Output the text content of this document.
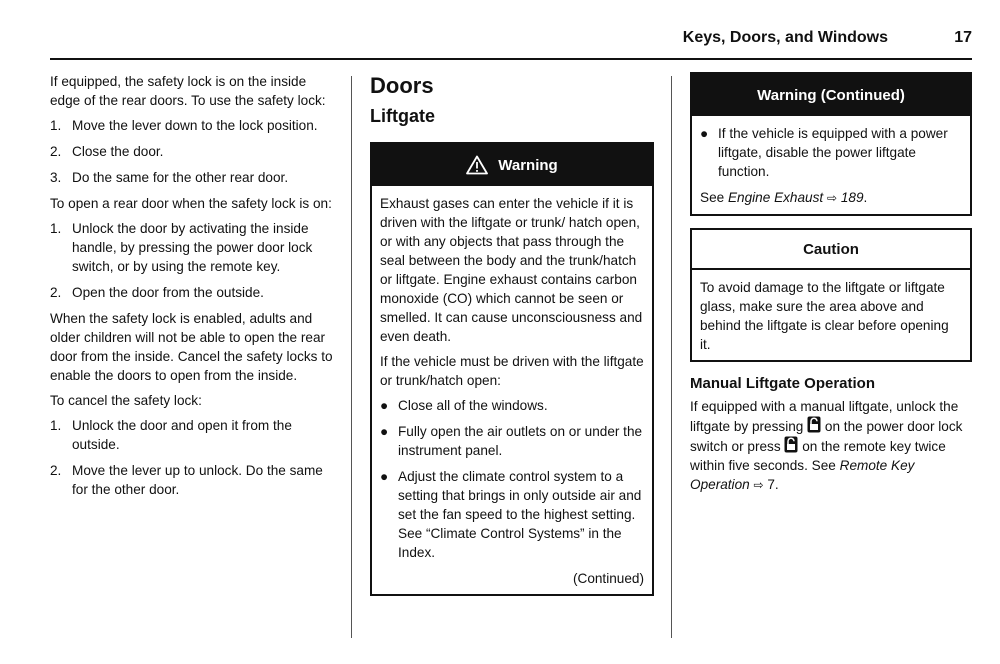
Keys, Doors, and Windows	17

If equipped, the safety lock is on the inside edge of the rear doors. To use the safety lock:

1. Move the lever down to the lock position.
2. Close the door.
3. Do the same for the other rear door.

To open a rear door when the safety lock is on:

1. Unlock the door by activating the inside handle, by pressing the power door lock switch, or by using the remote key.
2. Open the door from the outside.

When the safety lock is enabled, adults and older children will not be able to open the rear door from the inside. Cancel the safety locks to enable the doors to open from the inside.

To cancel the safety lock:

1. Unlock the door and open it from the outside.
2. Move the lever up to unlock. Do the same for the other door.
Doors
Liftgate
Warning

Exhaust gases can enter the vehicle if it is driven with the liftgate or trunk/ hatch open, or with any objects that pass through the seal between the body and the trunk/hatch or liftgate. Engine exhaust contains carbon monoxide (CO) which cannot be seen or smelled. It can cause unconsciousness and even death.

If the vehicle must be driven with the liftgate or trunk/hatch open:

● Close all of the windows.
● Fully open the air outlets on or under the instrument panel.
● Adjust the climate control system to a setting that brings in only outside air and set the fan speed to the highest setting. See “Climate Control Systems” in the Index.
(Continued)
Warning (Continued)
● If the vehicle is equipped with a power liftgate, disable the power liftgate function.

See Engine Exhaust ⇨ 189.

Caution

To avoid damage to the liftgate or liftgate glass, make sure the area above and behind the liftgate is clear before opening it.

Manual Liftgate Operation

If equipped with a manual liftgate, unlock the liftgate by pressing on the power door lock switch or press on the remote key twice within five seconds. See Remote Key Operation ⇨ 7.
